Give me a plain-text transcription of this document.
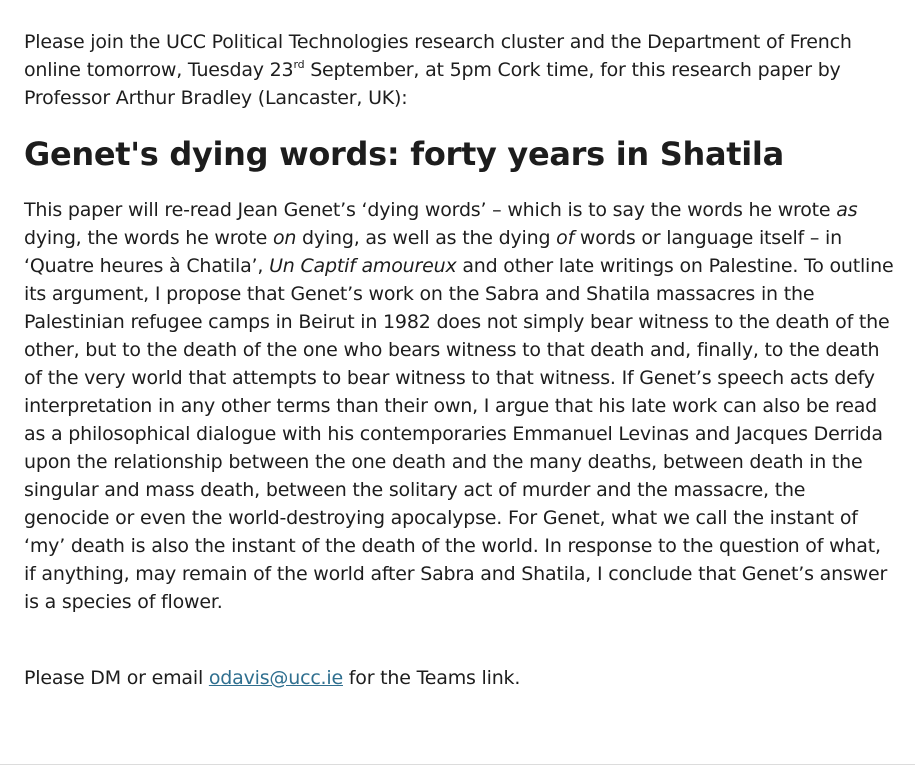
Please join the UCC Political Technologies research cluster and the Department of French online tomorrow, Tuesday 23rd September, at 5pm Cork time, for this research paper by Professor Arthur Bradley (Lancaster, UK):

Genet's dying words: forty years in Shatila

This paper will re-read Jean Genet’s ‘dying words’ – which is to say the words he wrote as dying, the words he wrote on dying, as well as the dying of words or language itself – in ‘Quatre heures à Chatila’, Un Captif amoureux and other late writings on Palestine. To outline its argument, I propose that Genet’s work on the Sabra and Shatila massacres in the Palestinian refugee camps in Beirut in 1982 does not simply bear witness to the death of the other, but to the death of the one who bears witness to that death and, finally, to the death of the very world that attempts to bear witness to that witness. If Genet’s speech acts defy interpretation in any other terms than their own, I argue that his late work can also be read as a philosophical dialogue with his contemporaries Emmanuel Levinas and Jacques Derrida upon the relationship between the one death and the many deaths, between death in the singular and mass death, between the solitary act of murder and the massacre, the genocide or even the world-destroying apocalypse. For Genet, what we call the instant of ‘my’ death is also the instant of the death of the world. In response to the question of what, if anything, may remain of the world after Sabra and Shatila, I conclude that Genet’s answer is a species of flower.

Please DM or email odavis@ucc.ie for the Teams link.
